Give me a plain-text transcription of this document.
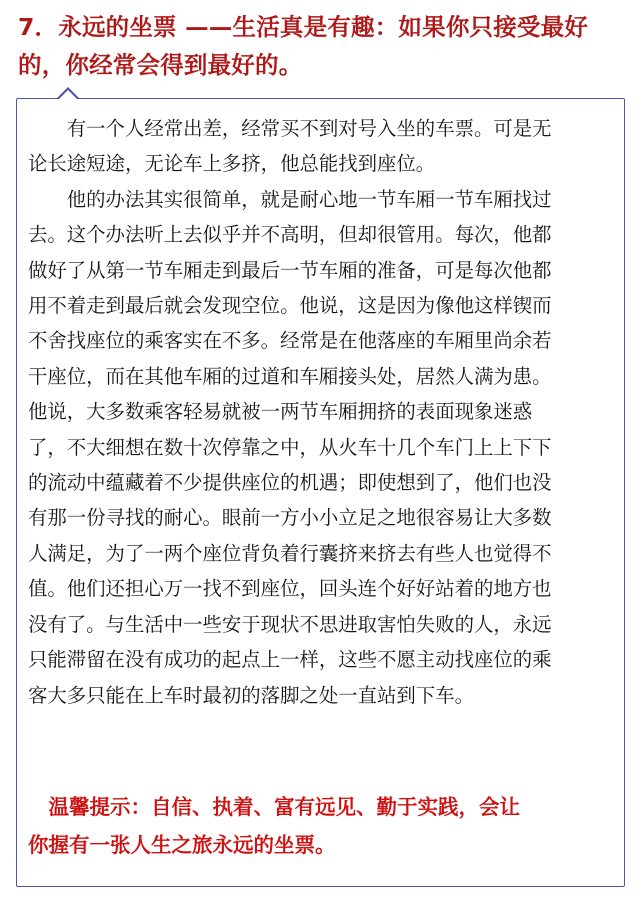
7．永远的坐票 ——生活真是有趣：如果你只接受最好
的，你经常会得到最好的。
　　有一个人经常出差，经常买不到对号入坐的车票。可是无
论长途短途，无论车上多挤，他总能找到座位。
　　他的办法其实很简单，就是耐心地一节车厢一节车厢找过
去。这个办法听上去似乎并不高明，但却很管用。每次，他都
做好了从第一节车厢走到最后一节车厢的准备，可是每次他都
用不着走到最后就会发现空位。他说，这是因为像他这样锲而
不舍找座位的乘客实在不多。经常是在他落座的车厢里尚余若
干座位，而在其他车厢的过道和车厢接头处，居然人满为患。
他说，大多数乘客轻易就被一两节车厢拥挤的表面现象迷惑
了，不大细想在数十次停靠之中，从火车十几个车门上上下下
的流动中蕴藏着不少提供座位的机遇；即使想到了，他们也没
有那一份寻找的耐心。眼前一方小小立足之地很容易让大多数
人满足，为了一两个座位背负着行囊挤来挤去有些人也觉得不
值。他们还担心万一找不到座位，回头连个好好站着的地方也
没有了。与生活中一些安于现状不思进取害怕失败的人，永远
只能滞留在没有成功的起点上一样，这些不愿主动找座位的乘
客大多只能在上车时最初的落脚之处一直站到下车。
　温馨提示：自信、执着、富有远见、勤于实践，会让
你握有一张人生之旅永远的坐票。
